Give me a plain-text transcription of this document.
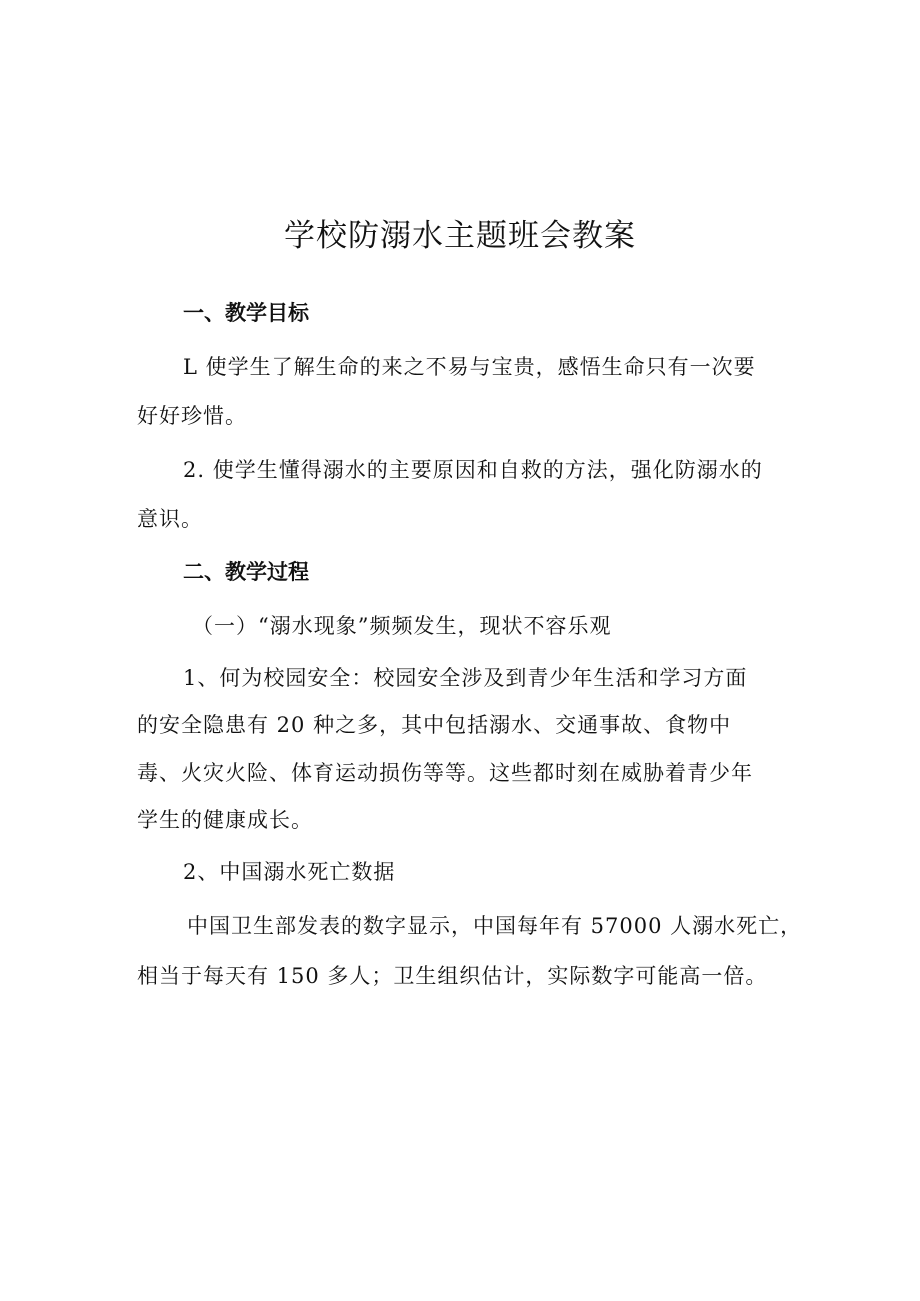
学校防溺水主题班会教案
一、教学目标
L 使学生了解生命的来之不易与宝贵，感悟生命只有一次要
好好珍惜。
2. 使学生懂得溺水的主要原因和自救的方法，强化防溺水的
意识。
二、教学过程
（一）“溺水现象”频频发生，现状不容乐观
1、何为校园安全：校园安全涉及到青少年生活和学习方面
的安全隐患有 20 种之多，其中包括溺水、交通事故、食物中
毒、火灾火险、体育运动损伤等等。这些都时刻在威胁着青少年
学生的健康成长。
2、中国溺水死亡数据
中国卫生部发表的数字显示，中国每年有 57000 人溺水死亡，
相当于每天有 150 多人；卫生组织估计，实际数字可能高一倍。
